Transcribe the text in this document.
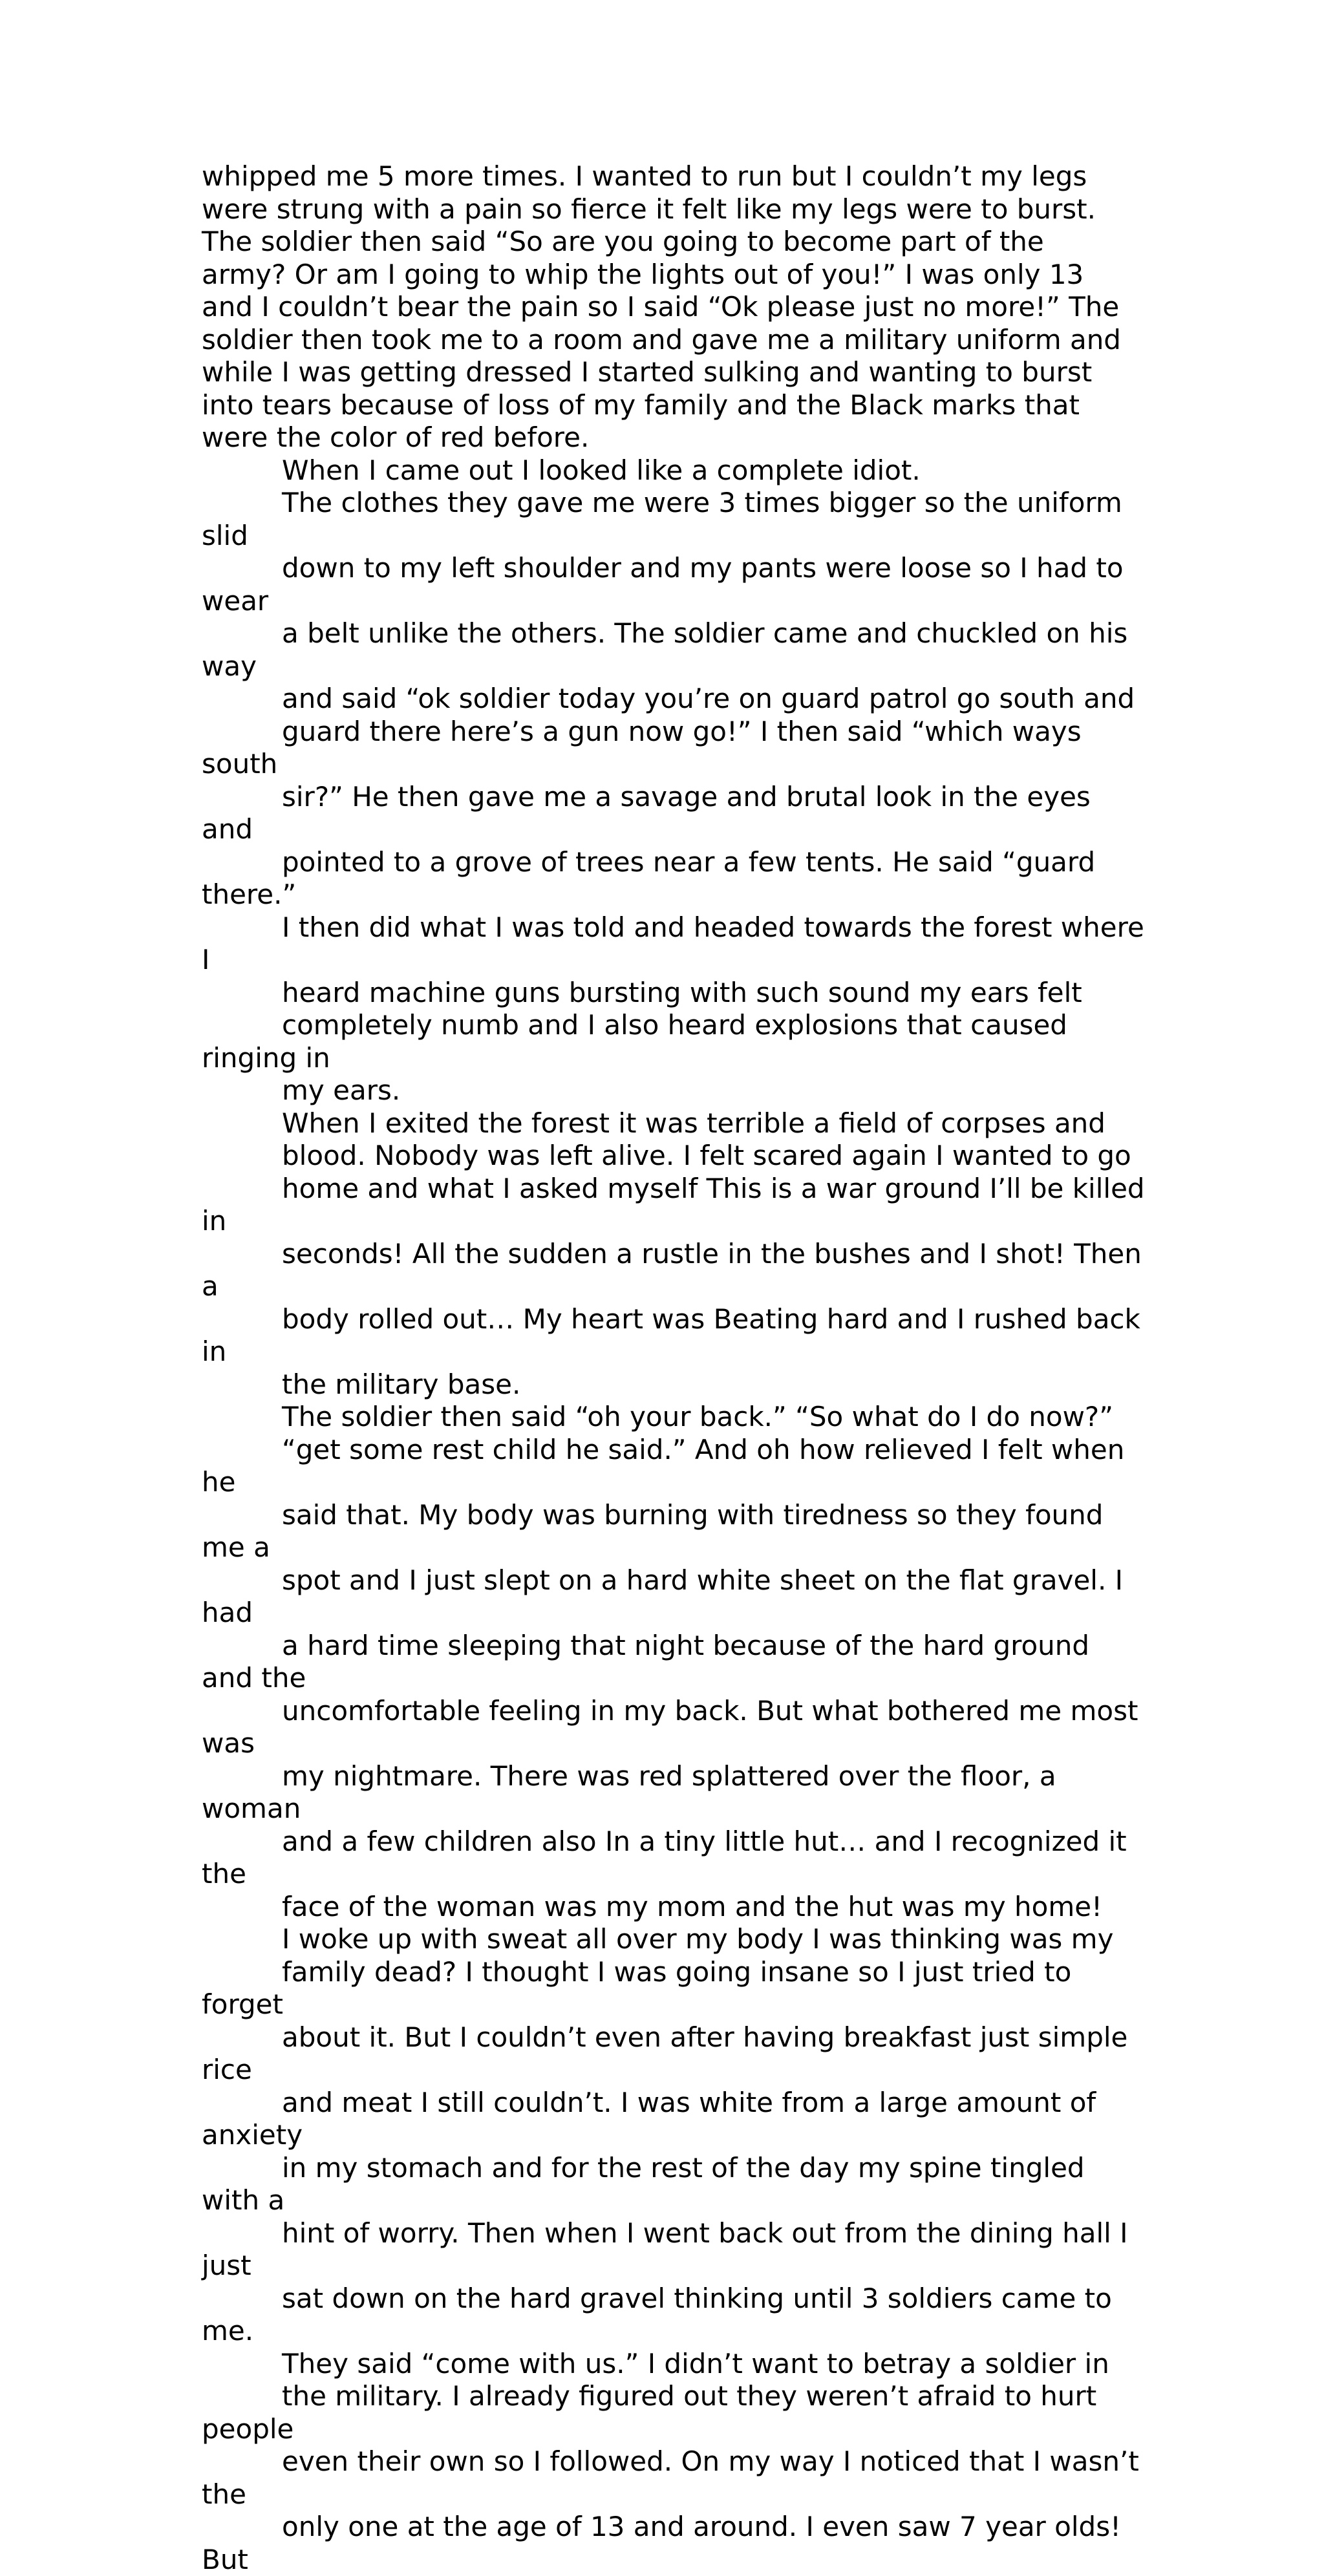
whipped me 5 more times. I wanted to run but I couldn’t my legs
were strung with a pain so fierce it felt like my legs were to burst.
The soldier then said “So are you going to become part of the
army? Or am I going to whip the lights out of you!” I was only 13
and I couldn’t bear the pain so I said “Ok please just no more!” The
soldier then took me to a room and gave me a military uniform and
while I was getting dressed I started sulking and wanting to burst
into tears because of loss of my family and the Black marks that
were the color of red before.

When I came out I looked like a complete idiot.
The clothes they gave me were 3 times bigger so the uniform slid
down to my left shoulder and my pants were loose so I had to wear
a belt unlike the others. The soldier came and chuckled on his way
and said “ok soldier today you’re on guard patrol go south and
guard there here’s a gun now go!” I then said “which ways south
sir?” He then gave me a savage and brutal look in the eyes and
pointed to a grove of trees near a few tents. He said “guard there.”
I then did what I was told and headed towards the forest where I
heard machine guns bursting with such sound my ears felt
completely numb and I also heard explosions that caused ringing in
my ears.

When I exited the forest it was terrible a field of corpses and
blood. Nobody was left alive. I felt scared again I wanted to go
home and what I asked myself This is a war ground I’ll be killed in
seconds! All the sudden a rustle in the bushes and I shot! Then a
body rolled out… My heart was Beating hard and I rushed back in
the military base.

The soldier then said “oh your back.” “So what do I do now?”
“get some rest child he said.” And oh how relieved I felt when he
said that. My body was burning with tiredness so they found me a
spot and I just slept on a hard white sheet on the flat gravel. I had
a hard time sleeping that night because of the hard ground and the
uncomfortable feeling in my back. But what bothered me most was
my nightmare. There was red splattered over the floor, a woman
and a few children also In a tiny little hut… and I recognized it the
face of the woman was my mom and the hut was my home!

I woke up with sweat all over my body I was thinking was my
family dead? I thought I was going insane so I just tried to forget
about it. But I couldn’t even after having breakfast just simple rice
and meat I still couldn’t. I was white from a large amount of anxiety
in my stomach and for the rest of the day my spine tingled with a
hint of worry. Then when I went back out from the dining hall I just
sat down on the hard gravel thinking until 3 soldiers came to me.

They said “come with us.” I didn’t want to betray a soldier in
the military. I already figured out they weren’t afraid to hurt people
even their own so I followed. On my way I noticed that I wasn’t the
only one at the age of 13 and around. I even saw 7 year olds! But
